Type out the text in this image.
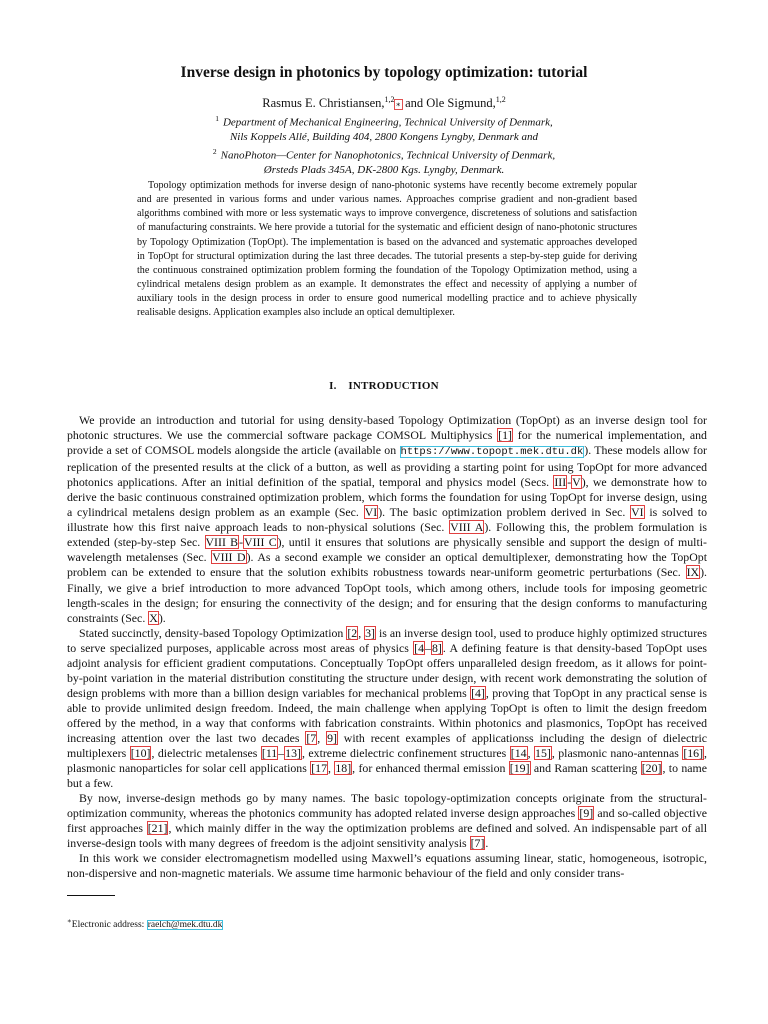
Inverse design in photonics by topology optimization: tutorial
Rasmus E. Christiansen,$^{1,2}$∗ and Ole Sigmund,$^{1,2}$
$^1$ Department of Mechanical Engineering, Technical University of Denmark,
Nils Koppels Allé, Building 404, 2800 Kongens Lyngby, Denmark and
$^2$ NanoPhoton—Center for Nanophotonics, Technical University of Denmark,
Ørsteds Plads 345A, DK-2800 Kgs. Lyngby, Denmark.

Topology optimization methods for inverse design of nano-photonic systems have recently become extremely popular and are presented in various forms and under various names. Approaches comprise gradient and non-gradient based algorithms combined with more or less systematic ways to improve convergence, discreteness of solutions and satisfaction of manufacturing constraints. We here provide a tutorial for the systematic and efficient design of nano-photonic structures by Topology Optimization (TopOpt). The implementation is based on the advanced and systematic approaches developed in TopOpt for structural optimization during the last three decades. The tutorial presents a step-by-step guide for deriving the continuous constrained optimization problem forming the foundation of the Topology Optimization method, using a cylindrical metalens design problem as an example. It demonstrates the effect and necessity of applying a number of auxiliary tools in the design process in order to ensure good numerical modelling practice and to achieve physically realisable designs. Application examples also include an optical demultiplexer.

I. INTRODUCTION

We provide an introduction and tutorial for using density-based Topology Optimization (TopOpt) as an inverse design tool for photonic structures. We use the commercial software package COMSOL Multiphysics [1] for the numerical implementation, and provide a set of COMSOL models alongside the article (available on https://www.topopt.mek.dtu.dk). These models allow for replication of the presented results at the click of a button, as well as providing a starting point for using TopOpt for more advanced photonics applications. After an initial definition of the spatial, temporal and physics model (Secs. III-V), we demonstrate how to derive the basic continuous constrained optimization problem, which forms the foundation for using TopOpt for inverse design, using a cylindrical metalens design problem as an example (Sec. VI). The basic optimization problem derived in Sec. VI is solved to illustrate how this first naive approach leads to non-physical solutions (Sec. VIII A). Following this, the problem formulation is extended (step-by-step Sec. VIII B-VIII C), until it ensures that solutions are physically sensible and support the design of multi-wavelength metalenses (Sec. VIII D). As a second example we consider an optical demultiplexer, demonstrating how the TopOpt problem can be extended to ensure that the solution exhibits robustness towards near-uniform geometric perturbations (Sec. IX). Finally, we give a brief introduction to more advanced TopOpt tools, which among others, include tools for imposing geometric length-scales in the design; for ensuring the connectivity of the design; and for ensuring that the design conforms to manufacturing constraints (Sec. X).

Stated succinctly, density-based Topology Optimization [2, 3] is an inverse design tool, used to produce highly optimized structures to serve specialized purposes, applicable across most areas of physics [4–8]. A defining feature is that density-based TopOpt uses adjoint analysis for efficient gradient computations. Conceptually TopOpt offers unparalleled design freedom, as it allows for point-by-point variation in the material distribution constituting the structure under design, with recent work demonstrating the solution of design problems with more than a billion design variables for mechanical problems [4], proving that TopOpt in any practical sense is able to provide unlimited design freedom. Indeed, the main challenge when applying TopOpt is often to limit the design freedom offered by the method, in a way that conforms with fabrication constraints. Within photonics and plasmonics, TopOpt has received increasing attention over the last two decades [7, 9] with recent examples of applicationss including the design of dielectric multiplexers [10], dielectric metalenses [11–13], extreme dielectric confinement structures [14, 15], plasmonic nano-antennas [16], plasmonic nanoparticles for solar cell applications [17, 18], for enhanced thermal emission [19] and Raman scattering [20], to name but a few.

By now, inverse-design methods go by many names. The basic topology-optimization concepts originate from the structural-optimization community, whereas the photonics community has adopted related inverse design approaches [9] and so-called objective first approaches [21], which mainly differ in the way the optimization problems are defined and solved. An indispensable part of all inverse-design tools with many degrees of freedom is the adjoint sensitivity analysis [7].

In this work we consider electromagnetism modelled using Maxwell’s equations assuming linear, static, homogeneous, isotropic, non-dispersive and non-magnetic materials. We assume time harmonic behaviour of the field and only consider trans-

∗Electronic address: raelch@mek.dtu.dk
